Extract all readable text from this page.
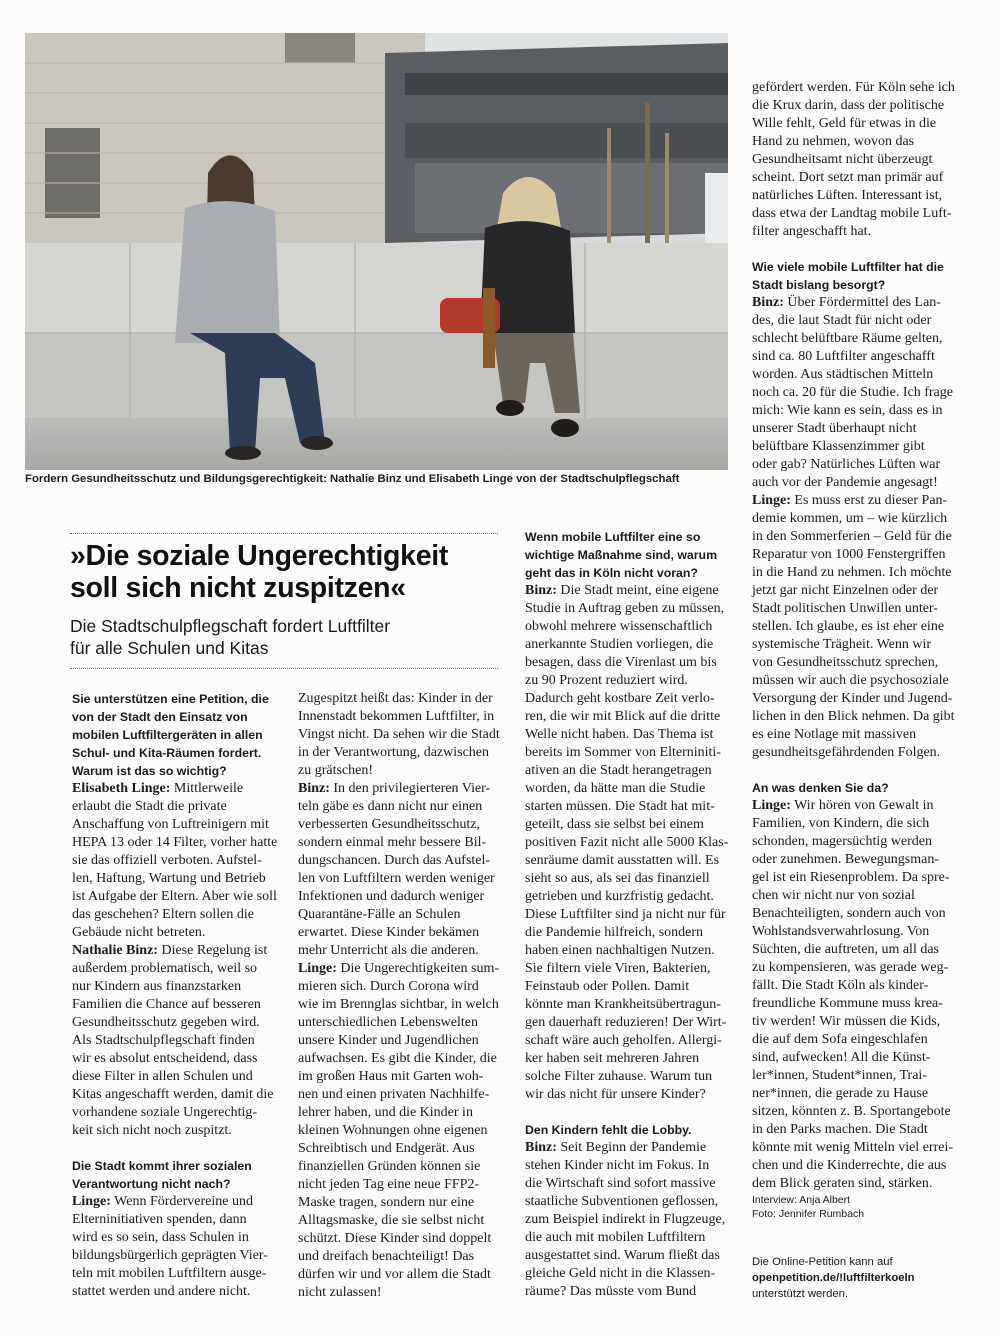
Fordern Gesundheitsschutz und Bildungsgerechtigkeit: Nathalie Binz und Elisabeth Linge von der Stadtschulpflegschaft
»Die soziale Ungerechtigkeit
soll sich nicht zuspitzen«
Die Stadtschulpflegschaft fordert Luftfilter
für alle Schulen und Kitas
Sie unterstützen eine Petition, die
von der Stadt den Einsatz von
mobilen Luftfiltergeräten in allen
Schul- und Kita-Räumen fordert.
Warum ist das so wichtig?
Elisabeth Linge: Mittlerweile
erlaubt die Stadt die private
Anschaffung von Luftreinigern mit
HEPA 13 oder 14 Filter, vorher hatte
sie das offiziell verboten. Aufstel-
len, Haftung, Wartung und Betrieb
ist Aufgabe der Eltern. Aber wie soll
das geschehen? Eltern sollen die
Gebäude nicht betreten.
Nathalie Binz: Diese Regelung ist
außerdem problematisch, weil so
nur Kindern aus finanzstarken
Familien die Chance auf besseren
Gesundheitsschutz gegeben wird.
Als Stadtschulpflegschaft finden
wir es absolut entscheidend, dass
diese Filter in allen Schulen und
Kitas angeschafft werden, damit die
vorhandene soziale Ungerechtig-
keit sich nicht noch zuspitzt.
Die Stadt kommt ihrer sozialen
Verantwortung nicht nach?
Linge: Wenn Fördervereine und
Elterninitiativen spenden, dann
wird es so sein, dass Schulen in
bildungsbürgerlich geprägten Vier-
teln mit mobilen Luftfiltern ausge-
stattet werden und andere nicht.
Zugespitzt heißt das: Kinder in der
Innenstadt bekommen Luftfilter, in
Vingst nicht. Da sehen wir die Stadt
in der Verantwortung, dazwischen
zu grätschen!
Binz: In den privilegierteren Vier-
teln gäbe es dann nicht nur einen
verbesserten Gesundheitsschutz,
sondern einmal mehr bessere Bil-
dungschancen. Durch das Aufstel-
len von Luftfiltern werden weniger
Infektionen und dadurch weniger
Quarantäne-Fälle an Schulen
erwartet. Diese Kinder bekämen
mehr Unterricht als die anderen.
Linge: Die Ungerechtigkeiten sum-
mieren sich. Durch Corona wird
wie im Brennglas sichtbar, in welch
unterschiedlichen Lebenswelten
unsere Kinder und Jugendlichen
aufwachsen. Es gibt die Kinder, die
im großen Haus mit Garten woh-
nen und einen privaten Nachhilfe-
lehrer haben, und die Kinder in
kleinen Wohnungen ohne eigenen
Schreibtisch und Endgerät. Aus
finanziellen Gründen können sie
nicht jeden Tag eine neue FFP2-
Maske tragen, sondern nur eine
Alltagsmaske, die sie selbst nicht
schützt. Diese Kinder sind doppelt
und dreifach benachteiligt! Das
dürfen wir und vor allem die Stadt
nicht zulassen!
Wenn mobile Luftfilter eine so
wichtige Maßnahme sind, warum
geht das in Köln nicht voran?
Binz: Die Stadt meint, eine eigene
Studie in Auftrag geben zu müssen,
obwohl mehrere wissenschaftlich
anerkannte Studien vorliegen, die
besagen, dass die Virenlast um bis
zu 90 Prozent reduziert wird.
Dadurch geht kostbare Zeit verlo-
ren, die wir mit Blick auf die dritte
Welle nicht haben. Das Thema ist
bereits im Sommer von Elterniniti-
ativen an die Stadt herangetragen
worden, da hätte man die Studie
starten müssen. Die Stadt hat mit-
geteilt, dass sie selbst bei einem
positiven Fazit nicht alle 5000 Klas-
senräume damit ausstatten will. Es
sieht so aus, als sei das finanziell
getrieben und kurzfristig gedacht.
Diese Luftfilter sind ja nicht nur für
die Pandemie hilfreich, sondern
haben einen nachhaltigen Nutzen.
Sie filtern viele Viren, Bakterien,
Feinstaub oder Pollen. Damit
könnte man Krankheitsübertragun-
gen dauerhaft reduzieren! Der Wirt-
schaft wäre auch geholfen. Allergi-
ker haben seit mehreren Jahren
solche Filter zuhause. Warum tun
wir das nicht für unsere Kinder?
Den Kindern fehlt die Lobby.
Binz: Seit Beginn der Pandemie
stehen Kinder nicht im Fokus. In
die Wirtschaft sind sofort massive
staatliche Subventionen geflossen,
zum Beispiel indirekt in Flugzeuge,
die auch mit mobilen Luftfiltern
ausgestattet sind. Warum fließt das
gleiche Geld nicht in die Klassen-
räume? Das müsste vom Bund
gefördert werden. Für Köln sehe ich
die Krux darin, dass der politische
Wille fehlt, Geld für etwas in die
Hand zu nehmen, wovon das
Gesundheitsamt nicht überzeugt
scheint. Dort setzt man primär auf
natürliches Lüften. Interessant ist,
dass etwa der Landtag mobile Luft-
filter angeschafft hat.
Wie viele mobile Luftfilter hat die
Stadt bislang besorgt?
Binz: Über Fördermittel des Lan-
des, die laut Stadt für nicht oder
schlecht belüftbare Räume gelten,
sind ca. 80 Luftfilter angeschafft
worden. Aus städtischen Mitteln
noch ca. 20 für die Studie. Ich frage
mich: Wie kann es sein, dass es in
unserer Stadt überhaupt nicht
belüftbare Klassenzimmer gibt
oder gab? Natürliches Lüften war
auch vor der Pandemie angesagt!
Linge: Es muss erst zu dieser Pan-
demie kommen, um – wie kürzlich
in den Sommerferien – Geld für die
Reparatur von 1000 Fenstergriffen
in die Hand zu nehmen. Ich möchte
jetzt gar nicht Einzelnen oder der
Stadt politischen Unwillen unter-
stellen. Ich glaube, es ist eher eine
systemische Trägheit. Wenn wir
von Gesundheitsschutz sprechen,
müssen wir auch die psychosoziale
Versorgung der Kinder und Jugend-
lichen in den Blick nehmen. Da gibt
es eine Notlage mit massiven
gesundheitsgefährdenden Folgen.
An was denken Sie da?
Linge: Wir hören von Gewalt in
Familien, von Kindern, die sich
schonden, magersüchtig werden
oder zunehmen. Bewegungsman-
gel ist ein Riesenproblem. Da spre-
chen wir nicht nur von sozial
Benachteiligten, sondern auch von
Wohlstandsverwahrlosung. Von
Süchten, die auftreten, um all das
zu kompensieren, was gerade weg-
fällt. Die Stadt Köln als kinder-
freundliche Kommune muss krea-
tiv werden! Wir müssen die Kids,
die auf dem Sofa eingeschlafen
sind, aufwecken! All die Künst-
ler*innen, Student*innen, Trai-
ner*innen, die gerade zu Hause
sitzen, könnten z. B. Sportangebote
in den Parks machen. Die Stadt
könnte mit wenig Mitteln viel errei-
chen und die Kinderrechte, die aus
dem Blick geraten sind, stärken.
Interview: Anja Albert
Foto: Jennifer Rumbach
Die Online-Petition kann auf
openpetition.de/!luftfilterkoeln
unterstützt werden.
